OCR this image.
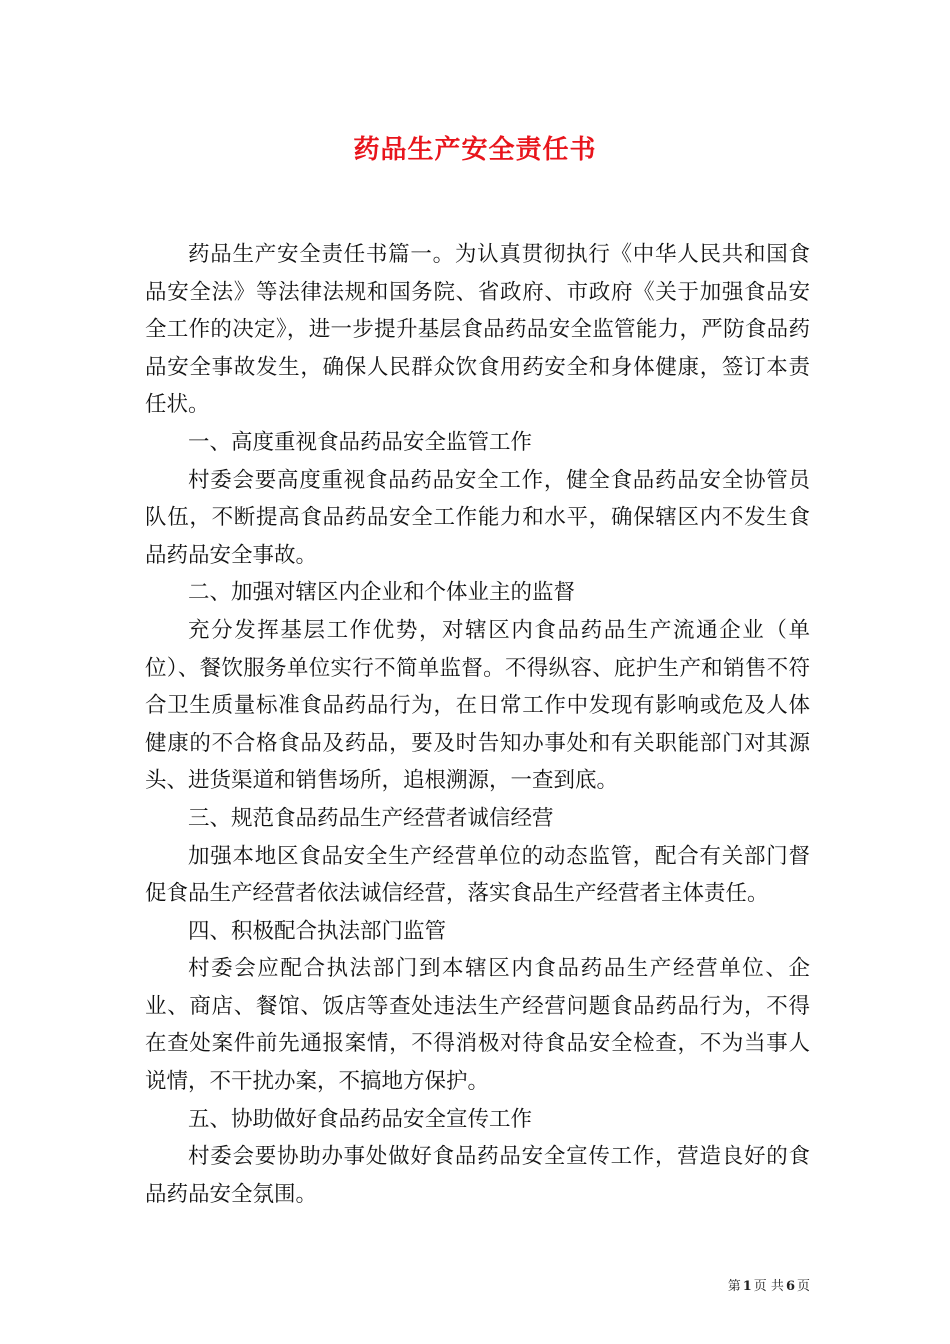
药品生产安全责任书

药品生产安全责任书篇一。为认真贯彻执行《中华人民共和国食品安全法》等法律法规和国务院、省政府、市政府《关于加强食品安全工作的决定》，进一步提升基层食品药品安全监管能力，严防食品药品安全事故发生，确保人民群众饮食用药安全和身体健康，签订本责任状。

一、高度重视食品药品安全监管工作

村委会要高度重视食品药品安全工作，健全食品药品安全协管员队伍，不断提高食品药品安全工作能力和水平，确保辖区内不发生食品药品安全事故。

二、加强对辖区内企业和个体业主的监督

充分发挥基层工作优势，对辖区内食品药品生产流通企业（单位）、餐饮服务单位实行不简单监督。不得纵容、庇护生产和销售不符合卫生质量标准食品药品行为，在日常工作中发现有影响或危及人体健康的不合格食品及药品，要及时告知办事处和有关职能部门对其源头、进货渠道和销售场所，追根溯源，一查到底。

三、规范食品药品生产经营者诚信经营

加强本地区食品安全生产经营单位的动态监管，配合有关部门督促食品生产经营者依法诚信经营，落实食品生产经营者主体责任。

四、积极配合执法部门监管

村委会应配合执法部门到本辖区内食品药品生产经营单位、企业、商店、餐馆、饭店等查处违法生产经营问题食品药品行为，不得在查处案件前先通报案情，不得消极对待食品安全检查，不为当事人说情，不干扰办案，不搞地方保护。

五、协助做好食品药品安全宣传工作

村委会要协助办事处做好食品药品安全宣传工作，营造良好的食品药品安全氛围。

第 1 页 共 6 页
